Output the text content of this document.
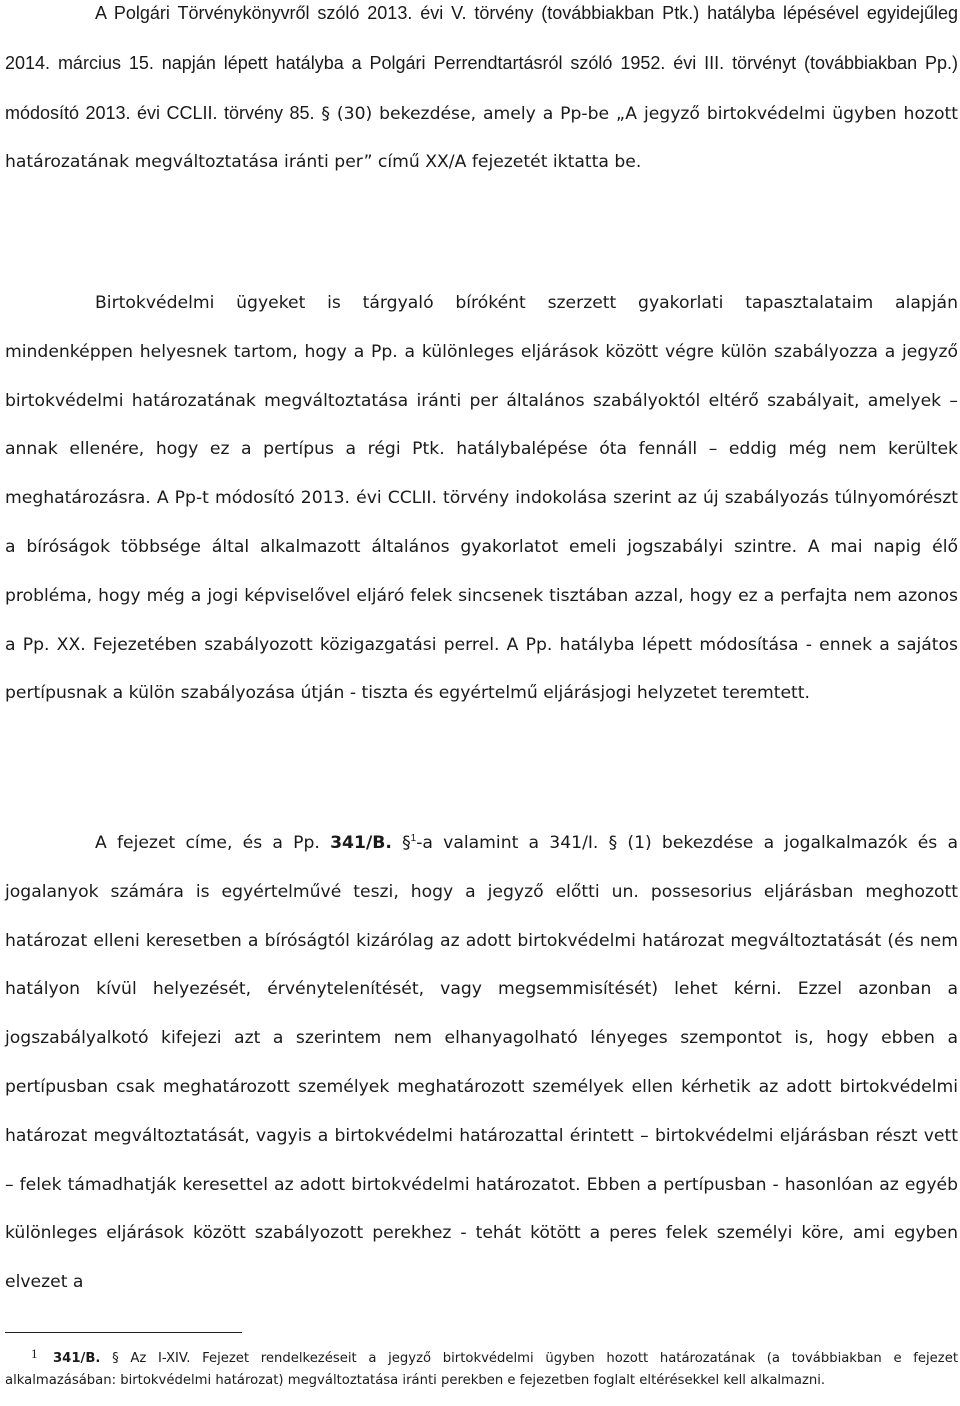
A Polgári Törvénykönyvről szóló 2013. évi V. törvény (továbbiakban Ptk.) hatályba lépésével egyidejűleg 2014. március 15. napján lépett hatályba a Polgári Perrendtartásról szóló 1952. évi III. törvényt (továbbiakban Pp.) módosító 2013. évi CCLII. törvény 85. § (30) bekezdése, amely a Pp-be „A jegyző birtokvédelmi ügyben hozott határozatának megváltoztatása iránti per” című XX/A fejezetét iktatta be.

Birtokvédelmi ügyeket is tárgyaló bíróként szerzett gyakorlati tapasztalataim alapján mindenképpen helyesnek tartom, hogy a Pp. a különleges eljárások között végre külön szabályozza a jegyző birtokvédelmi határozatának megváltoztatása iránti per általános szabályoktól eltérő szabályait, amelyek – annak ellenére, hogy ez a pertípus a régi Ptk. hatálybalépése óta fennáll – eddig még nem kerültek meghatározásra. A Pp-t módosító 2013. évi CCLII. törvény indokolása szerint az új szabályozás túlnyomórészt a bíróságok többsége által alkalmazott általános gyakorlatot emeli jogszabályi szintre. A mai napig élő probléma, hogy még a jogi képviselővel eljáró felek sincsenek tisztában azzal, hogy ez a perfajta nem azonos a Pp. XX. Fejezetében szabályozott közigazgatási perrel. A Pp. hatályba lépett módosítása - ennek a sajátos pertípusnak a külön szabályozása útján - tiszta és egyértelmű eljárásjogi helyzetet teremtett.

A fejezet címe, és a Pp. 341/B. §$^1$-a valamint a 341/I. § (1) bekezdése a jogalkalmazók és a jogalanyok számára is egyértelművé teszi, hogy a jegyző előtti un. possesorius eljárásban meghozott határozat elleni keresetben a bíróságtól kizárólag az adott birtokvédelmi határozat megváltoztatását (és nem hatályon kívül helyezését, érvénytelenítését, vagy megsemmisítését) lehet kérni. Ezzel azonban a jogszabályalkotó kifejezi azt a szerintem nem elhanyagolható lényeges szempontot is, hogy ebben a pertípusban csak meghatározott személyek meghatározott személyek ellen kérhetik az adott birtokvédelmi határozat megváltoztatását, vagyis a birtokvédelmi határozattal érintett – birtokvédelmi eljárásban részt vett – felek támadhatják keresettel az adott birtokvédelmi határozatot. Ebben a pertípusban - hasonlóan az egyéb különleges eljárások között szabályozott perekhez - tehát kötött a peres felek személyi köre, ami egyben elvezet a

1 341/B. § Az I-XIV. Fejezet rendelkezéseit a jegyző birtokvédelmi ügyben hozott határozatának (a továbbiakban e fejezet alkalmazásában: birtokvédelmi határozat) megváltoztatása iránti perekben e fejezetben foglalt eltérésekkel kell alkalmazni.
